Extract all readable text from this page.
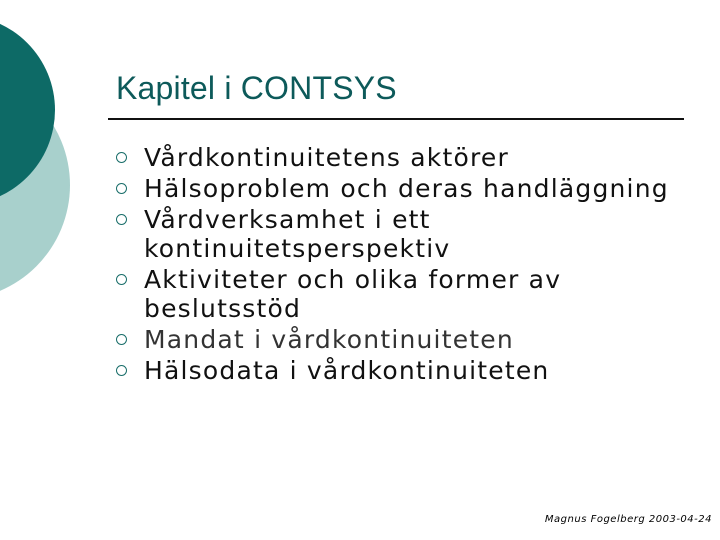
Kapitel i CONTSYS
Vårdkontinuitetens aktörer
Hälsoproblem och deras handläggning
Vårdverksamhet i ett kontinuitetsperspektiv
Aktiviteter och olika former av beslutsstöd
Mandat i vårdkontinuiteten
Hälsodata i vårdkontinuiteten
Magnus Fogelberg 2003-04-24
